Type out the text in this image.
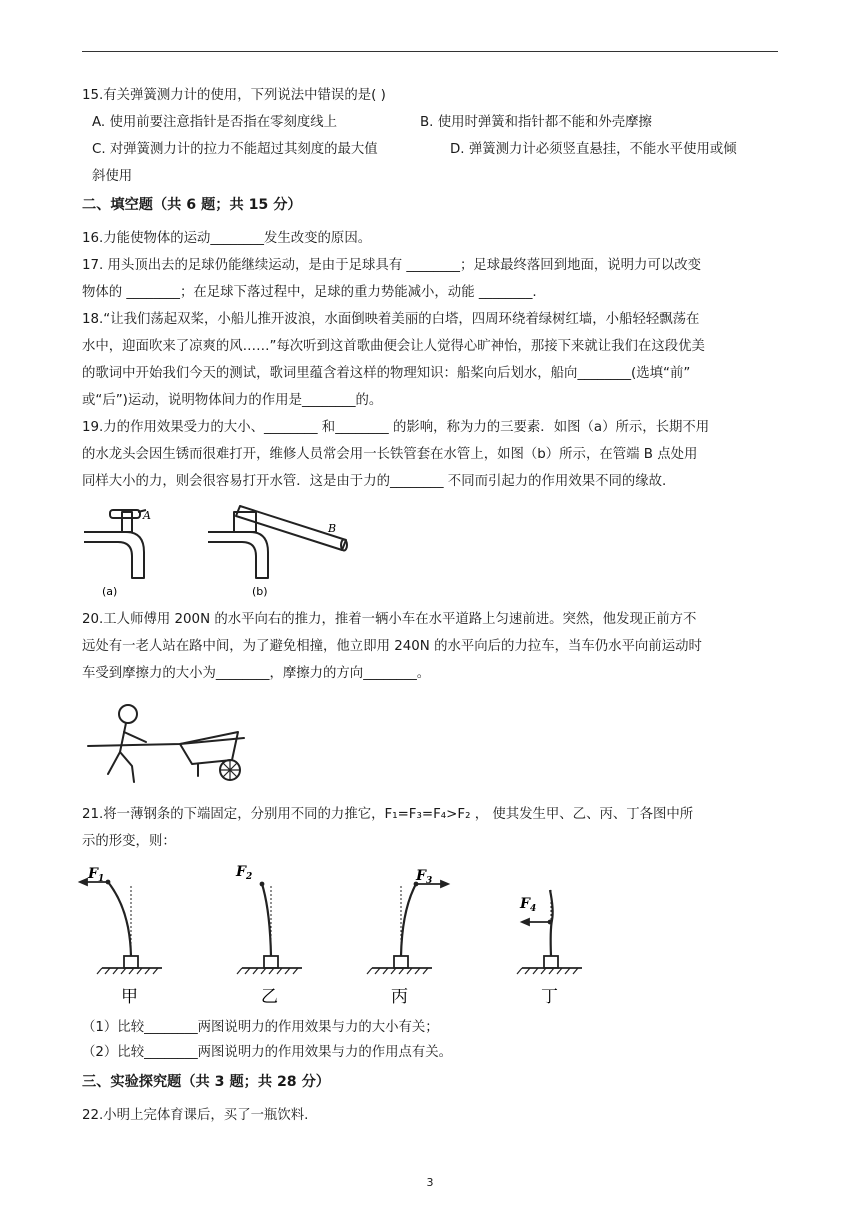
15.有关弹簧测力计的使用，下列说法中错误的是( )
A. 使用前要注意指针是否指在零刻度线上	B. 使用时弹簧和指针都不能和外壳摩擦
C. 对弹簧测力计的拉力不能超过其刻度的最大值	D. 弹簧测力计必须竖直悬挂，不能水平使用或倾
斜使用
二、填空题（共 6 题；共 15 分）
16.力能使物体的运动________发生改变的原因。
17. 用头顶出去的足球仍能继续运动，是由于足球具有 ________；足球最终落回到地面，说明力可以改变
物体的 ________；在足球下落过程中，足球的重力势能减小，动能 ________.
18.“让我们荡起双桨，小船儿推开波浪，水面倒映着美丽的白塔，四周环绕着绿树红墙，小船轻轻飘荡在
水中，迎面吹来了凉爽的风……”每次听到这首歌曲便会让人觉得心旷神怡，那接下来就让我们在这段优美
的歌词中开始我们今天的测试，歌词里蕴含着这样的物理知识：船桨向后划水，船向________(选填“前”
或“后”)运动，说明物体间力的作用是________的。
19.力的作用效果受力的大小、________ 和________ 的影响，称为力的三要素．如图（a）所示，长期不用
的水龙头会因生锈而很难打开，维修人员常会用一长铁管套在水管上，如图（b）所示，在管端 B 点处用
同样大小的力，则会很容易打开水管．这是由于力的________ 不同而引起力的作用效果不同的缘故.
A
B
(a)	(b)
20.工人师傅用 200N 的水平向右的推力，推着一辆小车在水平道路上匀速前进。突然，他发现正前方不
远处有一老人站在路中间，为了避免相撞，他立即用 240N 的水平向后的力拉车，当车仍水平向前运动时
车受到摩擦力的大小为________，摩擦力的方向________。
21.将一薄钢条的下端固定，分别用不同的力推它，F₁=F₃=F₄>F₂ ， 使其发生甲、乙、丙、丁各图中所
示的形变，则：
$F_1$	$F_2$	$F_3$
$F_4$
甲	乙	丙	丁
（1）比较________两图说明力的作用效果与力的大小有关；
（2）比较________两图说明力的作用效果与力的作用点有关。
三、实验探究题（共 3 题；共 28 分）
22.小明上完体育课后，买了一瓶饮料.
3
